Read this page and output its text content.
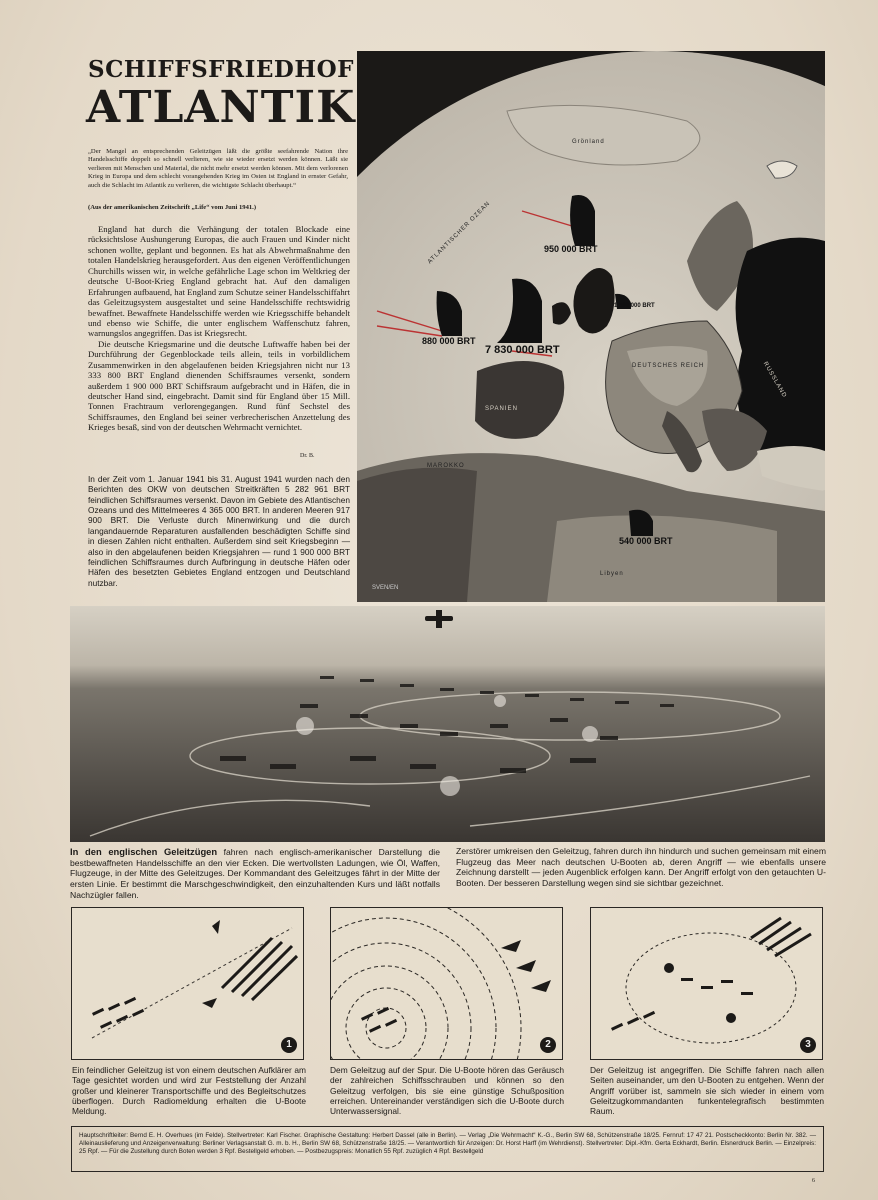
SCHIFFSFRIEDHOF
ATLANTIK
„Der Mangel an entsprechenden Geleitzügen läßt die größte seefahrende Nation ihre Handelsschiffe doppelt so schnell verlieren, wie sie wieder ersetzt werden können. Läßt sie verlieren mit Menschen und Material, die nicht mehr ersetzt werden können. Mit dem verlorenen Krieg in Europa und dem schlecht vorangehenden Krieg im Osten ist England in ernster Gefahr, auch die Schlacht im Atlantik zu verlieren, die wichtigste Schlacht überhaupt.“
(Aus der amerikanischen Zeitschrift „Life“ vom Juni 1941.)

England hat durch die Verhängung der totalen Blockade eine rücksichtslose Aushungerung Europas, die auch Frauen und Kinder nicht schonen wollte, geplant und begonnen. Es hat als Abwehrmaßnahme den totalen Handelskrieg herausgefordert. Aus den eigenen Veröffentlichungen Churchills wissen wir, in welche gefährliche Lage schon im Weltkrieg der deutsche U-Boot-Krieg England gebracht hat. Auf den damaligen Erfahrungen aufbauend, hat England zum Schutze seiner Handelsschiffahrt das Geleitzugsystem ausgestaltet und seine Handelsschiffe rechtswidrig bewaffnet. Bewaffnete Handelsschiffe werden wie Kriegsschiffe behandelt und ebenso wie Schiffe, die unter englischem Waffenschutz fahren, warnungslos angegriffen. Das ist Kriegsrecht.

Die deutsche Kriegsmarine und die deutsche Luftwaffe haben bei der Durchführung der Gegenblockade teils allein, teils in vorbildlichem Zusammenwirken in den abgelaufenen beiden Kriegsjahren nicht nur 13 333 800 BRT England dienenden Schiffsraumes versenkt, sondern außerdem 1 900 000 BRT Schiffsraum aufgebracht und in Häfen, die in deutscher Hand sind, eingebracht. Damit sind für England über 15 Mill. Tonnen Frachtraum verlorengegangen. Rund fünf Sechstel des Schiffsraumes, den England bei seiner verbrecherischen Anzettelung des Krieges besaß, sind von der deutschen Wehrmacht vernichtet.

Dr. B.
In der Zeit vom 1. Januar 1941 bis 31. August 1941 wurden nach den Berichten des OKW von deutschen Streitkräften 5 282 961 BRT feindlichen Schiffsraumes versenkt. Davon im Gebiete des Atlantischen Ozeans und des Mittelmeeres 4 365 000 BRT. In anderen Meeren 917 900 BRT. Die Verluste durch Minenwirkung und die durch langandauernde Reparaturen ausfallenden beschädigten Schiffe sind in diesen Zahlen nicht enthalten. Außerdem sind seit Kriegsbeginn — also in den abgelaufenen beiden Kriegsjahren — rund 1 900 000 BRT feindlichen Schiffsraumes durch Aufbringung in deutsche Häfen oder Häfen des besetzten Gebietes England entzogen und Deutschland nutzbar.
Grönland
ATLANTISCHER OZEAN
DEUTSCHES REICH	RUSSLAND
SPANIEN
MAROKKO
Libyen
950 000 BRT
880 000 BRT
7 830 000 BRT
1 590 000 BRT
540 000 BRT
SVEN/EN
In den englischen Geleitzügen fahren nach englisch-amerikanischer Darstellung die bestbewaffneten Handelsschiffe an den vier Ecken. Die wertvollsten Ladungen, wie Öl, Waffen, Flugzeuge, in der Mitte des Geleitzuges. Der Kommandant des Geleitzuges fährt in der Mitte der ersten Linie. Er bestimmt die Marschgeschwindigkeit, den einzuhaltenden Kurs und läßt notfalls Nachzügler fallen.
Zerstörer umkreisen den Geleitzug, fahren durch ihn hindurch und suchen gemeinsam mit einem Flugzeug das Meer nach deutschen U-Booten ab, deren Angriff — wie ebenfalls unsere Zeichnung darstellt — jeden Augenblick erfolgen kann. Der Angriff erfolgt von den getauchten U-Booten. Der besseren Darstellung wegen sind sie sichtbar gezeichnet.
1
Ein feindlicher Geleitzug ist von einem deutschen Aufklärer am Tage gesichtet worden und wird zur Feststellung der Anzahl großer und kleinerer Transportschiffe und des Begleitschutzes überflogen. Durch Radiomeldung erhalten die U-Boote Meldung.
2
Dem Geleitzug auf der Spur. Die U-Boote hören das Geräusch der zahlreichen Schiffsschrauben und können so den Geleitzug verfolgen, bis sie eine günstige Schußposition erreichen. Untereinander verständigen sich die U-Boote durch Unterwassersignal.
3
Der Geleitzug ist angegriffen. Die Schiffe fahren nach allen Seiten auseinander, um den U-Booten zu entgehen. Wenn der Angriff vorüber ist, sammeln sie sich wieder in einem vom Geleitzugkommandanten funkentelegrafisch bestimmten Raum.
Hauptschriftleiter: Bernd E. H. Overhues (im Felde). Stellvertreter: Karl Fischer. Graphische Gestaltung: Herbert Dassel (alle in Berlin). — Verlag „Die Wehrmacht“ K.-G., Berlin SW 68, Schützenstraße 18/25. Fernruf: 17 47 21. Postscheckkonto: Berlin Nr. 382. — Alleinauslieferung und Anzeigenverwaltung: Berliner Verlagsanstalt G. m. b. H., Berlin SW 68, Schützenstraße 18/25. — Verantwortlich für Anzeigen: Dr. Horst Harff (im Wehrdienst). Stellvertreter: Dipl.-Kfm. Gerta Eckhardt, Berlin. Elsnerdruck Berlin. — Einzelpreis: 25 Rpf. — Für die Zustellung durch Boten werden 3 Rpf. Bestellgeld erhoben. — Postbezugspreis: Monatlich 55 Rpf. zuzüglich 4 Rpf. Bestellgeld
6
